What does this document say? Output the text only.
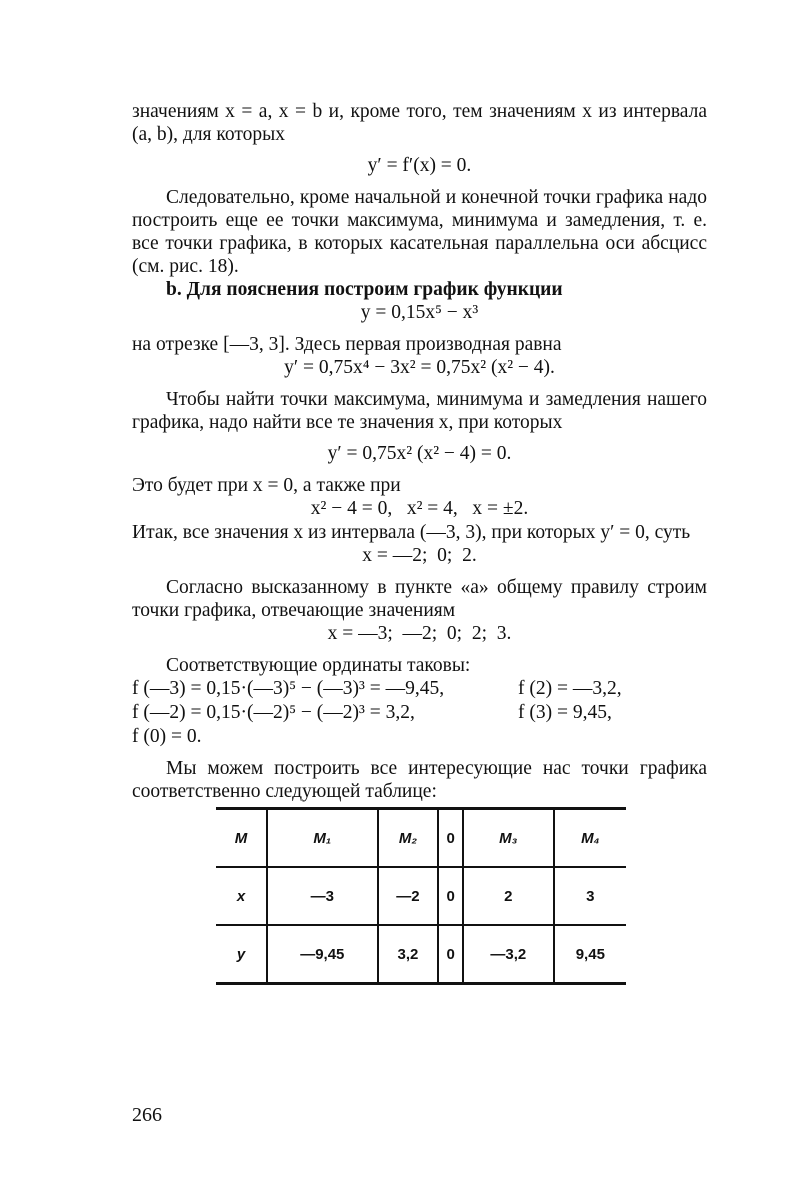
значениям x = a, x = b и, кроме того, тем значениям x из интервала (a, b), для которых

y′ = f′(x) = 0.

Следовательно, кроме начальной и конечной точки графика надо построить еще ее точки максимума, минимума и замедления, т. е. все точки графика, в которых касательная параллельна оси абсцисс (см. рис. 18).

b. Для пояснения построим график функции

y = 0,15x⁵ − x³

на отрезке [—3, 3]. Здесь первая производная равна

y′ = 0,75x⁴ − 3x² = 0,75x² (x² − 4).

Чтобы найти точки максимума, минимума и замедления нашего графика, надо найти все те значения x, при которых

y′ = 0,75x² (x² − 4) = 0.

Это будет при x = 0, а также при

x² − 4 = 0,   x² = 4,   x = ±2.

Итак, все значения x из интервала (—3, 3), при которых y′ = 0, суть

x = —2;  0;  2.

Согласно высказанному в пункте «a» общему правилу строим точки графика, отвечающие значениям

x = —3;  —2;  0;  2;  3.

Соответствующие ординаты таковы:

f (—3) = 0,15·(—3)⁵ − (—3)³ = —9,45,	f (2) = —3,2,
f (—2) = 0,15·(—2)⁵ − (—2)³ = 3,2,	f (3) = 9,45,
f (0) = 0.

Мы можем построить все интересующие нас точки графика соответственно следующей таблице:

M	M₁	M₂	0	M₃	M₄
x	—3	—2	0	2	3
y	—9,45	3,2	0	—3,2	9,45
266
